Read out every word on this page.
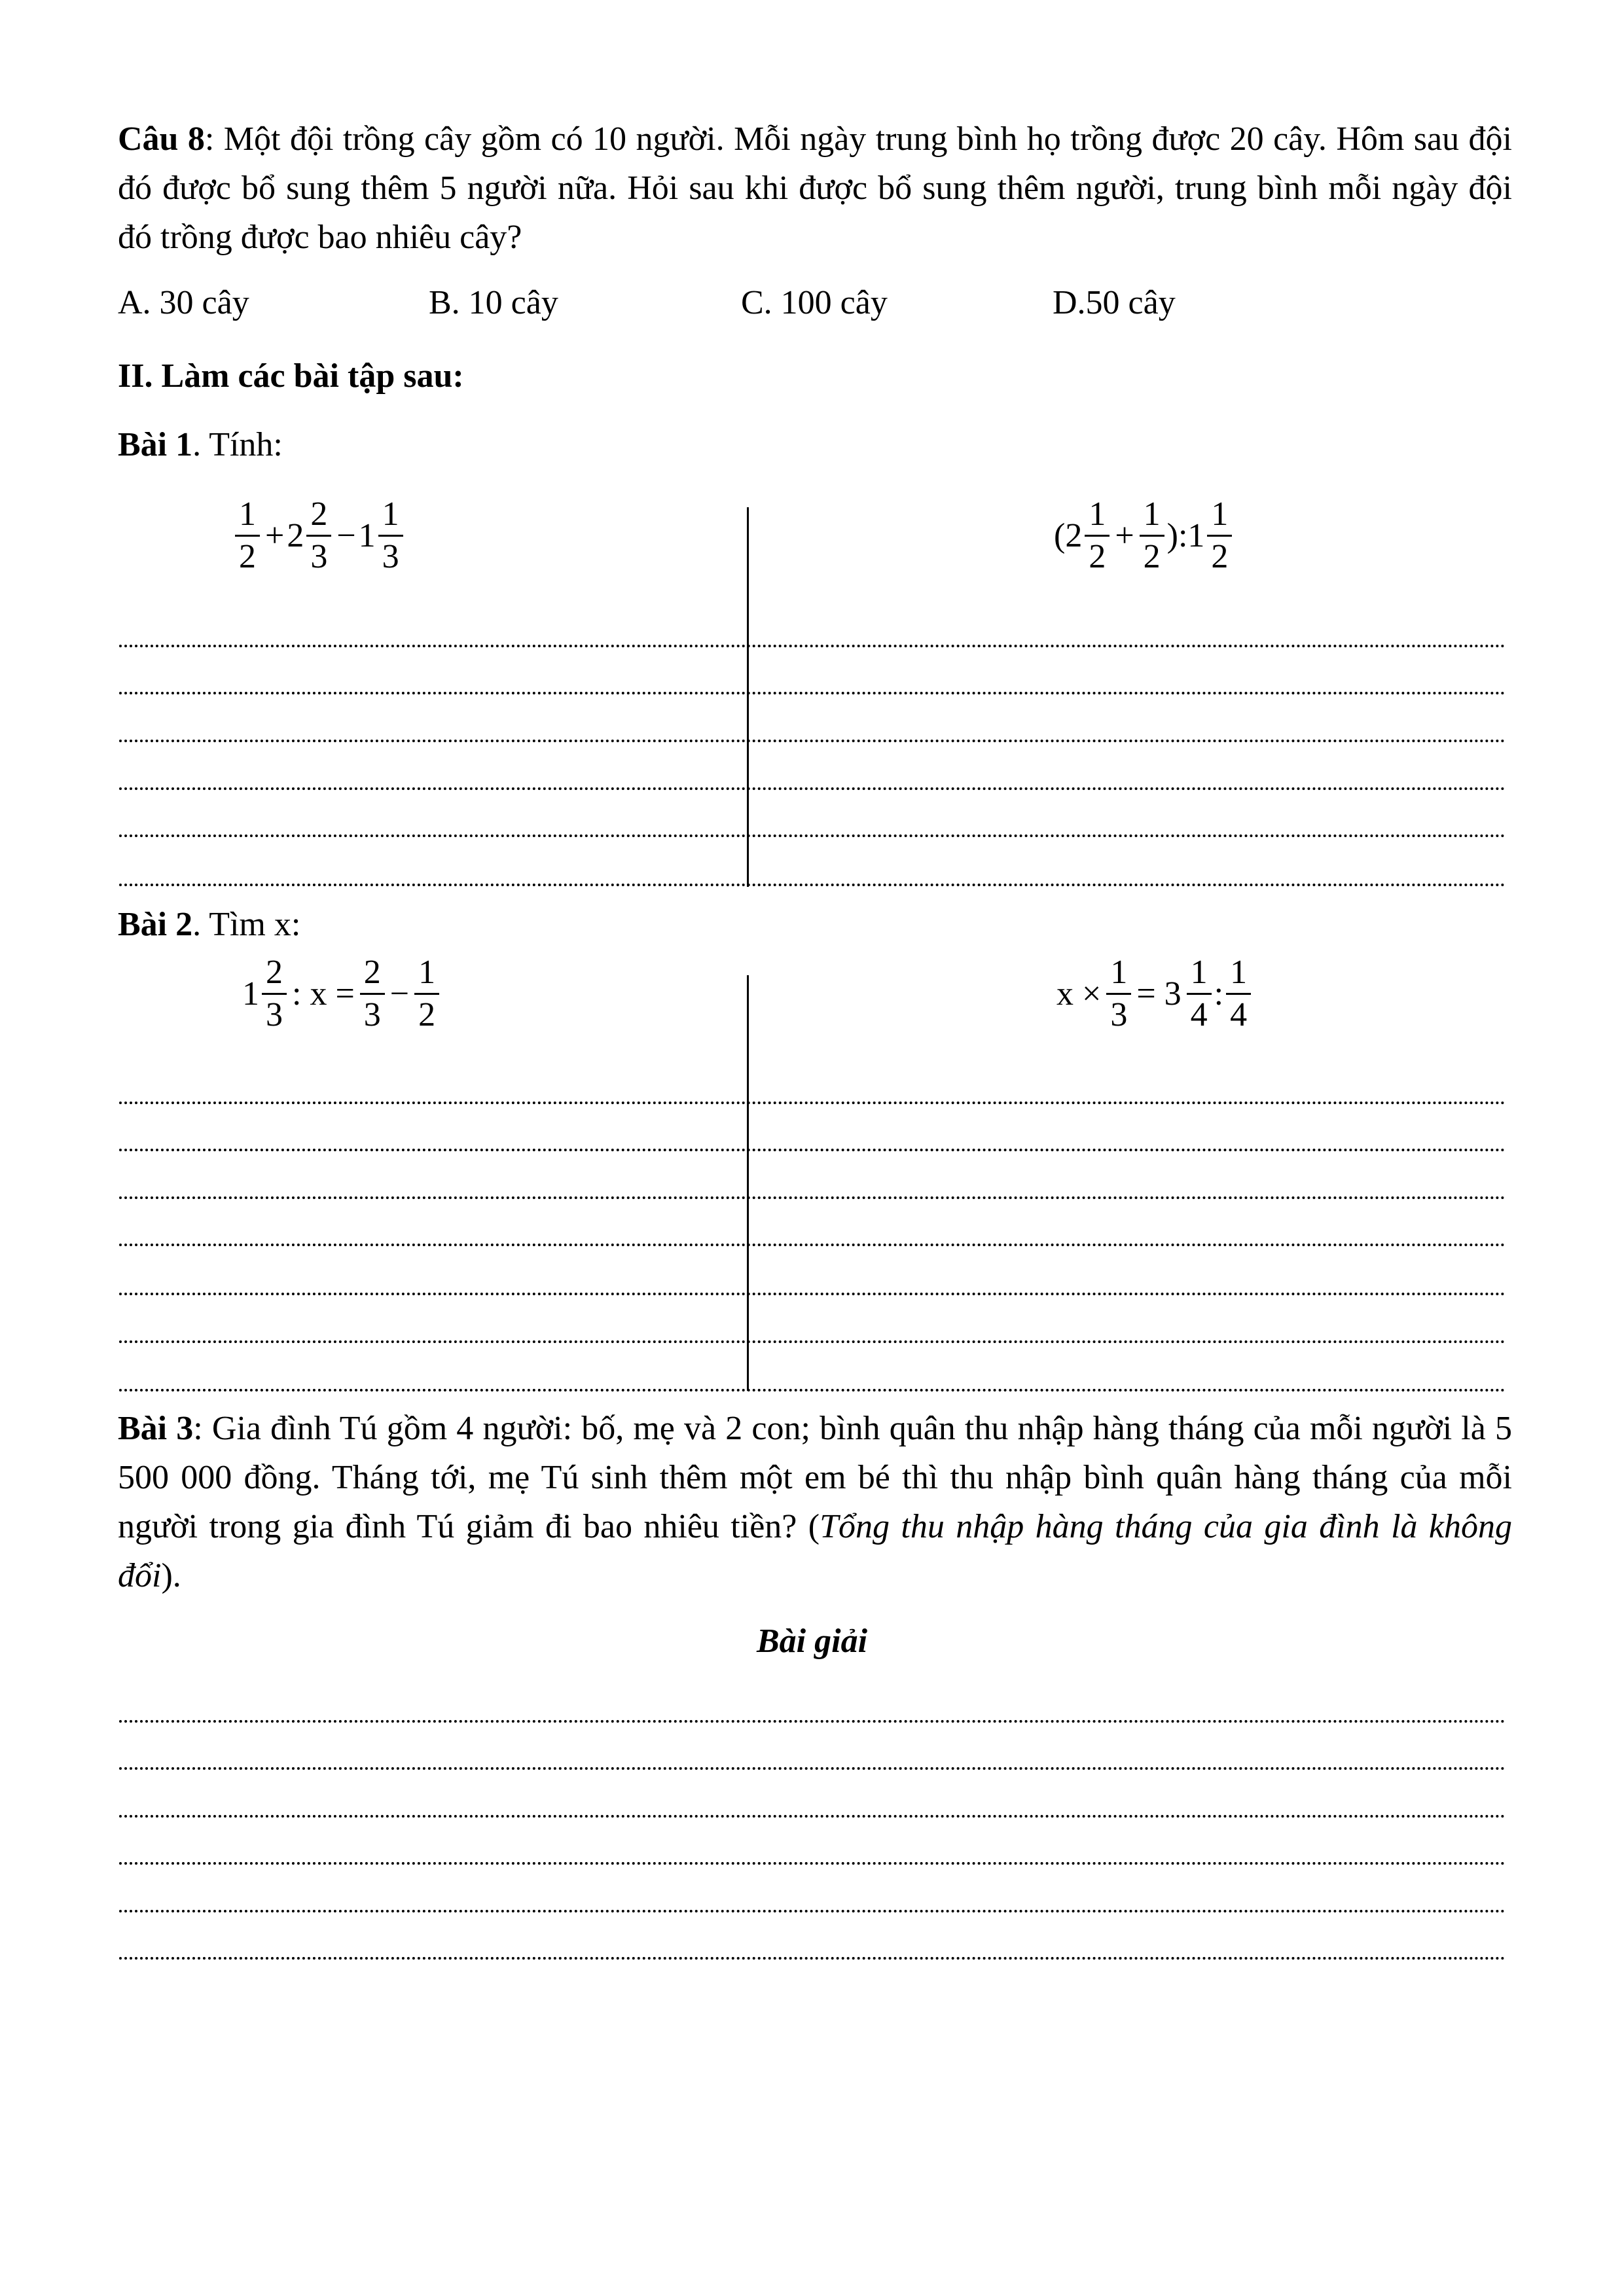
Câu 8: Một đội trồng cây gồm có 10 người. Mỗi ngày trung bình họ trồng được 20 cây. Hôm sau đội đó được bổ sung thêm 5 người nữa. Hỏi sau khi được bổ sung thêm người, trung bình mỗi ngày đội đó trồng được bao nhiêu cây?
A. 30 cây	B. 10 cây	C. 100 cây	D.50 cây
II. Làm các bài tập sau:
Bài 1. Tính:
$\frac{1}{2} + 2 \frac{2}{3} - 1 \frac{1}{3}$	($2 \frac{1}{2} + \frac{1}{2}$ ):1 $\frac{1}{2}$
Bài 2. Tìm x:
$1 \frac{2}{3}$ : $x = \frac{2}{3} - \frac{1}{2}$	$x \times \frac{1}{3} = 3 \frac{1}{4}$ : $\frac{1}{4}$
Bài 3: Gia đình Tú gồm 4 người: bố, mẹ và 2 con; bình quân thu nhập hàng tháng của mỗi người là 5 500 000 đồng. Tháng tới, mẹ Tú sinh thêm một em bé thì thu nhập bình quân hàng tháng của mỗi người trong gia đình Tú giảm đi bao nhiêu tiền? (Tổng thu nhập hàng tháng của gia đình là không đổi).
Bài giải
